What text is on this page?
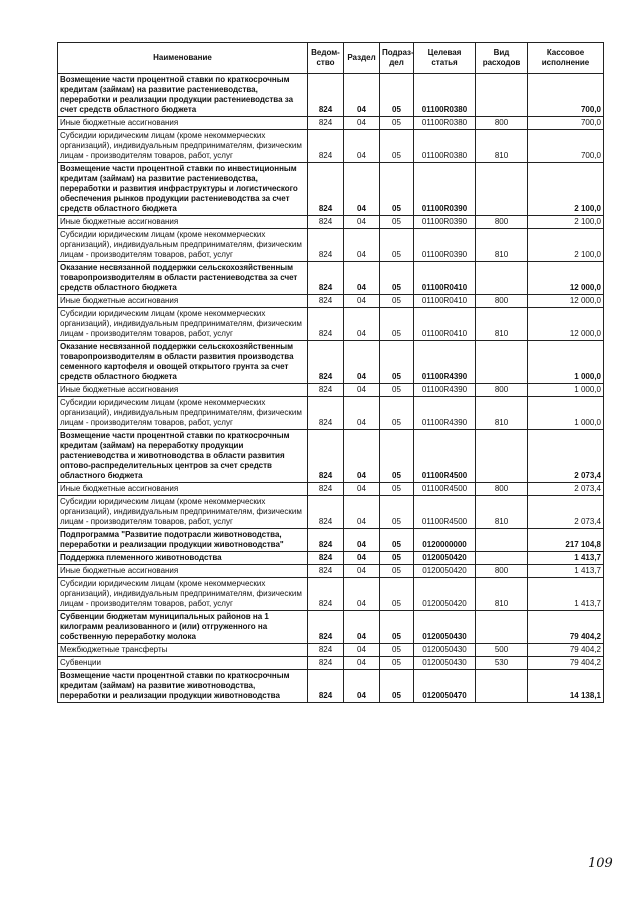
Наименование	Ведом-ство	Раздел	Подраз-дел	Целевая статья	Вид расходов	Кассовое исполнение
Возмещение части процентной ставки по краткосрочным кредитам (займам) на развитие растениеводства, переработки и реализации продукции растениеводства за счет средств областного бюджета	824	04	05	01100R0380		700,0
Иные бюджетные ассигнования	824	04	05	01100R0380	800	700,0
Субсидии юридическим лицам (кроме некоммерческих организаций), индивидуальным предпринимателям, физическим лицам - производителям товаров, работ, услуг	824	04	05	01100R0380	810	700,0
Возмещение части процентной ставки по инвестиционным кредитам (займам) на развитие растениеводства, переработки и развития инфраструктуры и логистического обеспечения рынков продукции растениеводства за счет средств областного бюджета	824	04	05	01100R0390		2 100,0
Иные бюджетные ассигнования	824	04	05	01100R0390	800	2 100,0
Субсидии юридическим лицам (кроме некоммерческих организаций), индивидуальным предпринимателям, физическим лицам - производителям товаров, работ, услуг	824	04	05	01100R0390	810	2 100,0
Оказание несвязанной поддержки сельскохозяйственным товаропроизводителям в области растениеводства за счет средств областного бюджета	824	04	05	01100R0410		12 000,0
Иные бюджетные ассигнования	824	04	05	01100R0410	800	12 000,0
Субсидии юридическим лицам (кроме некоммерческих организаций), индивидуальным предпринимателям, физическим лицам - производителям товаров, работ, услуг	824	04	05	01100R0410	810	12 000,0
Оказание несвязанной поддержки сельскохозяйственным товаропроизводителям в области развития производства семенного картофеля и овощей открытого грунта за счет средств областного бюджета	824	04	05	01100R4390		1 000,0
Иные бюджетные ассигнования	824	04	05	01100R4390	800	1 000,0
Субсидии юридическим лицам (кроме некоммерческих организаций), индивидуальным предпринимателям, физическим лицам - производителям товаров, работ, услуг	824	04	05	01100R4390	810	1 000,0
Возмещение части процентной ставки по краткосрочным кредитам (займам) на переработку продукции растениеводства и животноводства в области развития оптово-распределительных центров за счет средств областного бюджета	824	04	05	01100R4500		2 073,4
Иные бюджетные ассигнования	824	04	05	01100R4500	800	2 073,4
Субсидии юридическим лицам (кроме некоммерческих организаций), индивидуальным предпринимателям, физическим лицам - производителям товаров, работ, услуг	824	04	05	01100R4500	810	2 073,4
Подпрограмма "Развитие подотрасли животноводства, переработки и реализации продукции животноводства"	824	04	05	0120000000		217 104,8
Поддержка племенного животноводства	824	04	05	0120050420		1 413,7
Иные бюджетные ассигнования	824	04	05	0120050420	800	1 413,7
Субсидии юридическим лицам (кроме некоммерческих организаций), индивидуальным предпринимателям, физическим лицам - производителям товаров, работ, услуг	824	04	05	0120050420	810	1 413,7
Субвенции бюджетам муниципальных районов на 1 килограмм реализованного и (или) отгруженного на собственную переработку молока	824	04	05	0120050430		79 404,2
Межбюджетные трансферты	824	04	05	0120050430	500	79 404,2
Субвенции	824	04	05	0120050430	530	79 404,2
Возмещение части процентной ставки по краткосрочным кредитам (займам) на развитие животноводства, переработки и реализации продукции животноводства	824	04	05	0120050470		14 138,1
109
